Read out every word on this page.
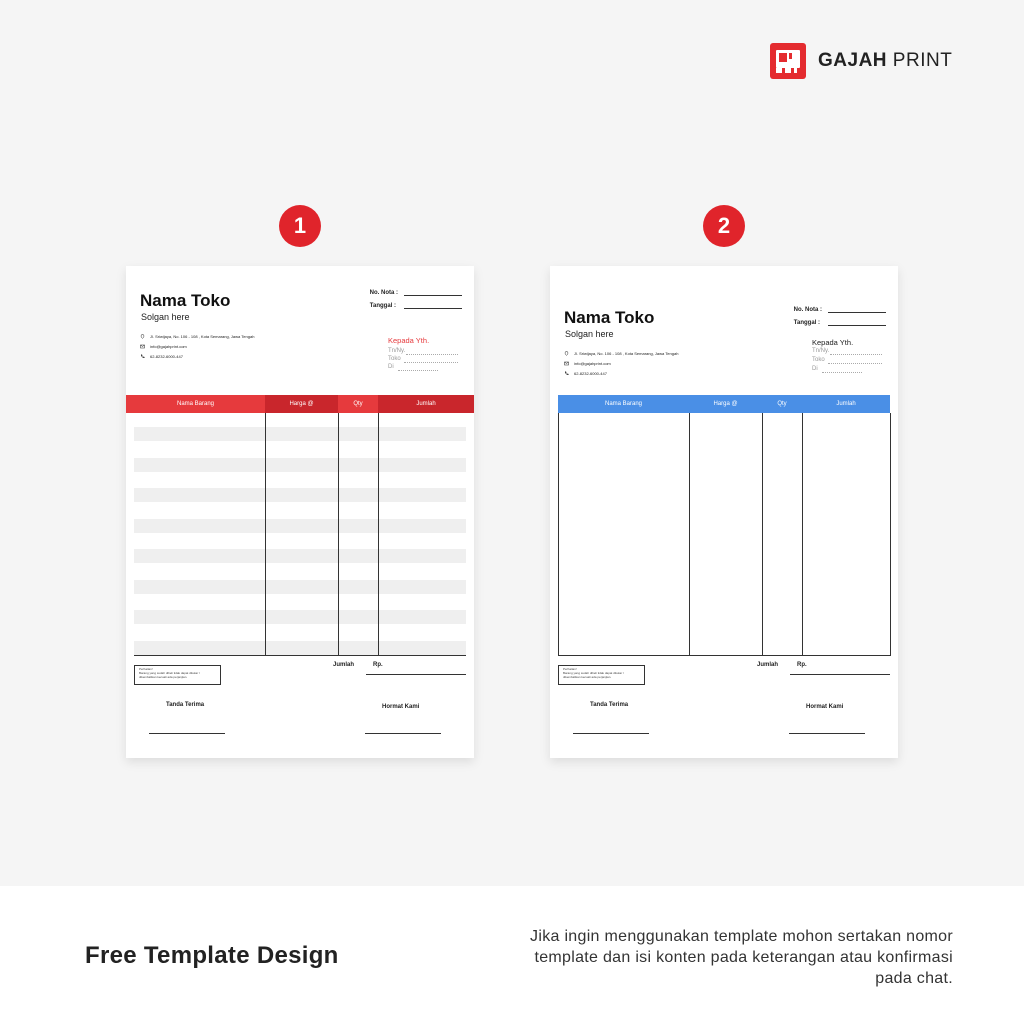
GAJAH PRINT
1	2
Nama Toko
Solgan here
Jl. Sriwijaya, No. 106 - 108 , Kota Semarang, Jawa Tengah
info@gajahprint.com
62-8232-6000-447
No. Nota :
Tanggal :
Kepada Yth.
Tn/Ny.
Toko
Di
Nama Barang	Harga @	Qty	Jumlah
Jumlah	Rp.
Perhatian!
Barang yang sudah dibeli tidak dapat ditukar / dikembalikan kecuali ada perjanjian.
Tanda Terima	Hormat Kami
Nama Toko
Solgan here
Jl. Sriwijaya, No. 106 - 108 , Kota Semarang, Jawa Tengah
info@gajahprint.com
62-8232-6000-447
No. Nota :
Tanggal :
Kepada Yth.
Tn/Ny.
Toko
Di
Nama Barang	Harga @	Qty	Jumlah
Jumlah	Rp.
Perhatian!
Barang yang sudah dibeli tidak dapat ditukar / dikembalikan kecuali ada perjanjian.
Tanda Terima	Hormat Kami
Free Template Design
Jika ingin menggunakan template mohon sertakan nomor template dan isi konten pada keterangan atau konfirmasi pada chat.
